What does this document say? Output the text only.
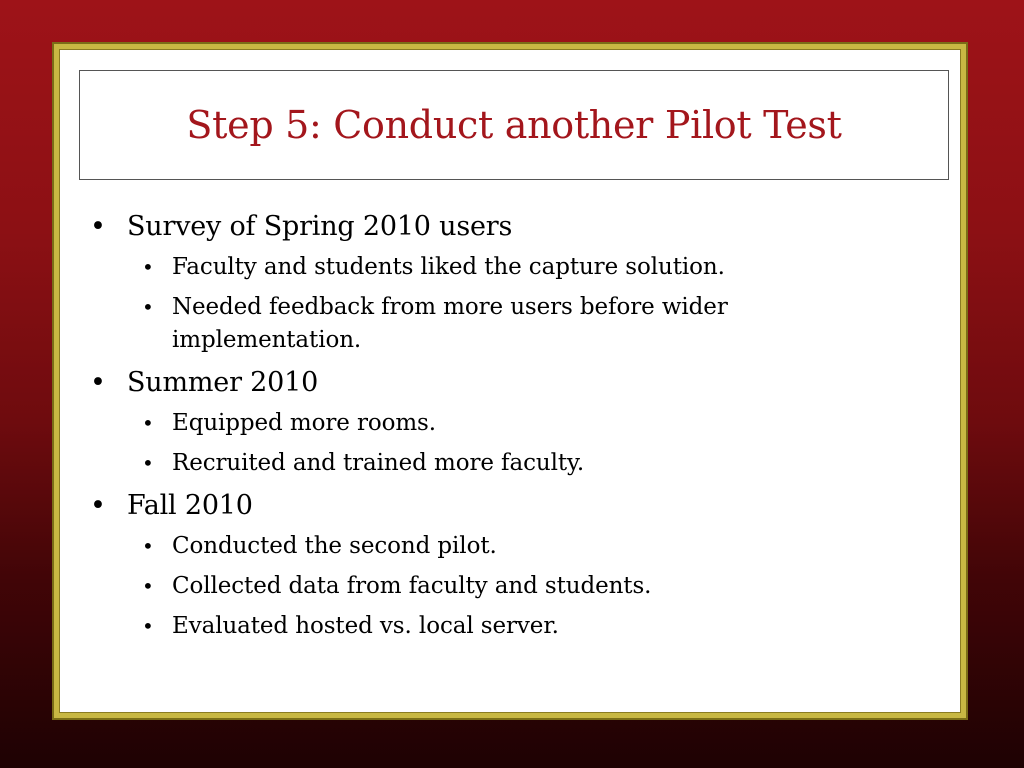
Step 5: Conduct another Pilot Test
• Survey of Spring 2010 users
• Faculty and students liked the capture solution.
• Needed feedback from more users before wider implementation.
• Summer 2010
• Equipped more rooms.
• Recruited and trained more faculty.
• Fall 2010
• Conducted the second pilot.
• Collected data from faculty and students.
• Evaluated hosted vs. local server.
